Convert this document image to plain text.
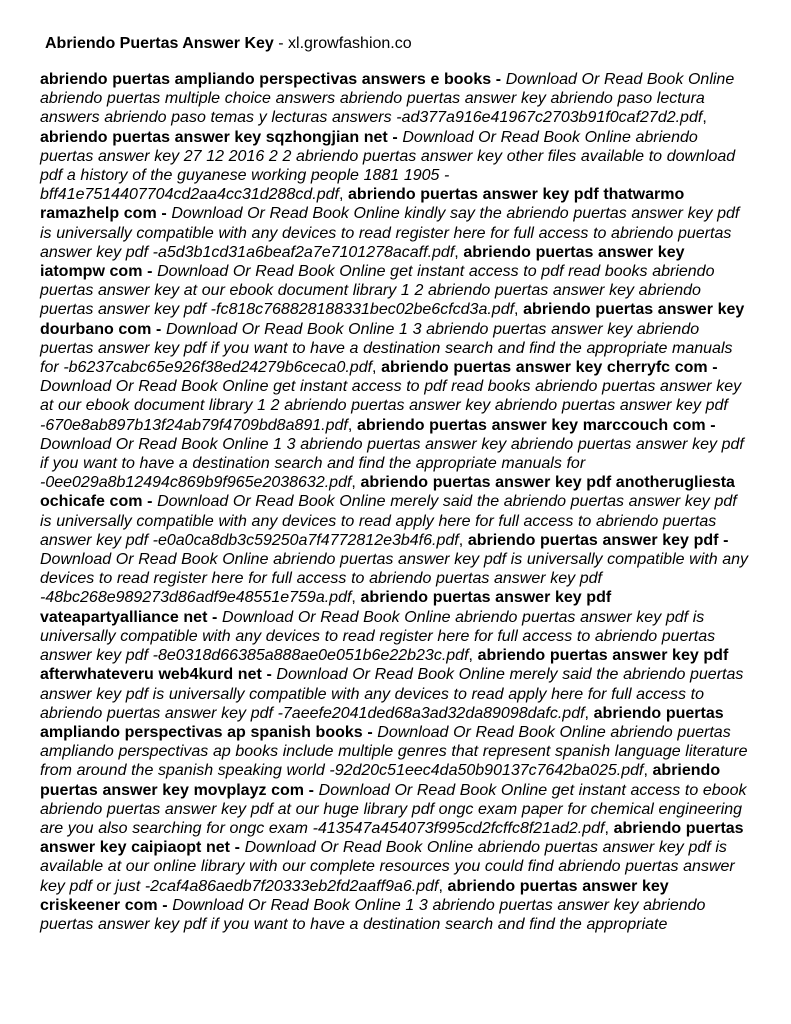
Abriendo Puertas Answer Key - xl.growfashion.co

abriendo puertas ampliando perspectivas answers e books - Download Or Read Book Online abriendo puertas multiple choice answers abriendo puertas answer key abriendo paso lectura answers abriendo paso temas y lecturas answers -ad377a916e41967c2703b91f0caf27d2.pdf, abriendo puertas answer key sqzhongjian net - Download Or Read Book Online abriendo puertas answer key 27 12 2016 2 2 abriendo puertas answer key other files available to download pdf a history of the guyanese working people 1881 1905 -bff41e7514407704cd2aa4cc31d288cd.pdf, abriendo puertas answer key pdf thatwarmo ramazhelp com - Download Or Read Book Online kindly say the abriendo puertas answer key pdf is universally compatible with any devices to read register here for full access to abriendo puertas answer key pdf -a5d3b1cd31a6beaf2a7e7101278acaff.pdf, abriendo puertas answer key iatompw com - Download Or Read Book Online get instant access to pdf read books abriendo puertas answer key at our ebook document library 1 2 abriendo puertas answer key abriendo puertas answer key pdf -fc818c768828188331bec02be6cfcd3a.pdf, abriendo puertas answer key dourbano com - Download Or Read Book Online 1 3 abriendo puertas answer key abriendo puertas answer key pdf if you want to have a destination search and find the appropriate manuals for -b6237cabc65e926f38ed24279b6ceca0.pdf, abriendo puertas answer key cherryfc com - Download Or Read Book Online get instant access to pdf read books abriendo puertas answer key at our ebook document library 1 2 abriendo puertas answer key abriendo puertas answer key pdf -670e8ab897b13f24ab79f4709bd8a891.pdf, abriendo puertas answer key marccouch com - Download Or Read Book Online 1 3 abriendo puertas answer key abriendo puertas answer key pdf if you want to have a destination search and find the appropriate manuals for -0ee029a8b12494c869b9f965e2038632.pdf, abriendo puertas answer key pdf anotherugliesta ochicafe com - Download Or Read Book Online merely said the abriendo puertas answer key pdf is universally compatible with any devices to read apply here for full access to abriendo puertas answer key pdf -e0a0ca8db3c59250a7f4772812e3b4f6.pdf, abriendo puertas answer key pdf - Download Or Read Book Online abriendo puertas answer key pdf is universally compatible with any devices to read register here for full access to abriendo puertas answer key pdf -48bc268e989273d86adf9e48551e759a.pdf, abriendo puertas answer key pdf vateapartyalliance net - Download Or Read Book Online abriendo puertas answer key pdf is universally compatible with any devices to read register here for full access to abriendo puertas answer key pdf -8e0318d66385a888ae0e051b6e22b23c.pdf, abriendo puertas answer key pdf afterwhateveru web4kurd net - Download Or Read Book Online merely said the abriendo puertas answer key pdf is universally compatible with any devices to read apply here for full access to abriendo puertas answer key pdf -7aeefe2041ded68a3ad32da89098dafc.pdf, abriendo puertas ampliando perspectivas ap spanish books - Download Or Read Book Online abriendo puertas ampliando perspectivas ap books include multiple genres that represent spanish language literature from around the spanish speaking world -92d20c51eec4da50b90137c7642ba025.pdf, abriendo puertas answer key movplayz com - Download Or Read Book Online get instant access to ebook abriendo puertas answer key pdf at our huge library pdf ongc exam paper for chemical engineering are you also searching for ongc exam -413547a454073f995cd2fcffc8f21ad2.pdf, abriendo puertas answer key caipiaopt net - Download Or Read Book Online abriendo puertas answer key pdf is available at our online library with our complete resources you could find abriendo puertas answer key pdf or just -2caf4a86aedb7f20333eb2fd2aaff9a6.pdf, abriendo puertas answer key criskeener com - Download Or Read Book Online 1 3 abriendo puertas answer key abriendo puertas answer key pdf if you want to have a destination search and find the appropriate
